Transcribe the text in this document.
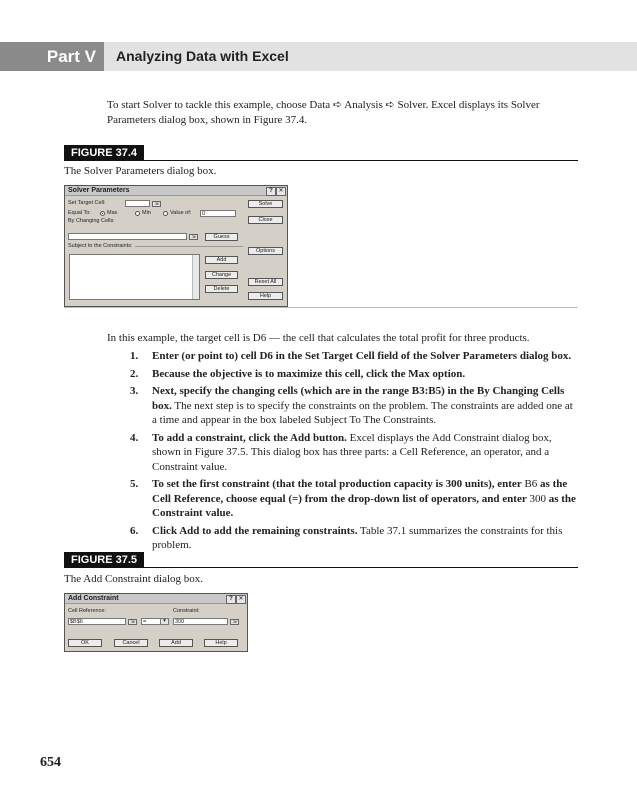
Part V	Analyzing Data with Excel
To start Solver to tackle this example, choose Data ➪ Analysis ➪ Solver. Excel displays its Solver Parameters dialog box, shown in Figure 37.4.
FIGURE 37.4
The Solver Parameters dialog box.
Solver Parameters	? ✕
Set Target Cell:	⇲
Equal To:	Max	Min	Value of:	0
By Changing Cells:
⇲	Guess
Subject to the Constraints:
Add
Change
Delete
Solve
Close
Options
Reset All
Help
In this example, the target cell is D6 — the cell that calculates the total profit for three products.
1. Enter (or point to) cell D6 in the Set Target Cell field of the Solver Parameters dialog box.
2. Because the objective is to maximize this cell, click the Max option.
3. Next, specify the changing cells (which are in the range B3:B5) in the By Changing Cells box. The next step is to specify the constraints on the problem. The constraints are added one at a time and appear in the box labeled Subject To The Constraints.
4. To add a constraint, click the Add button. Excel displays the Add Constraint dialog box, shown in Figure 37.5. This dialog box has three parts: a Cell Reference, an operator, and a Constraint value.
5. To set the first constraint (that the total production capacity is 300 units), enter B6 as the Cell Reference, choose equal (=) from the drop-down list of operators, and enter 300 as the Constraint value.
6. Click Add to add the remaining constraints. Table 37.1 summarizes the constraints for this problem.
FIGURE 37.5
The Add Constraint dialog box.
Add Constraint	? ✕
Cell Reference:	Constraint:
$B$6	⇲	=	▾	300	⇲
OK	Cancel	Add	Help
654
